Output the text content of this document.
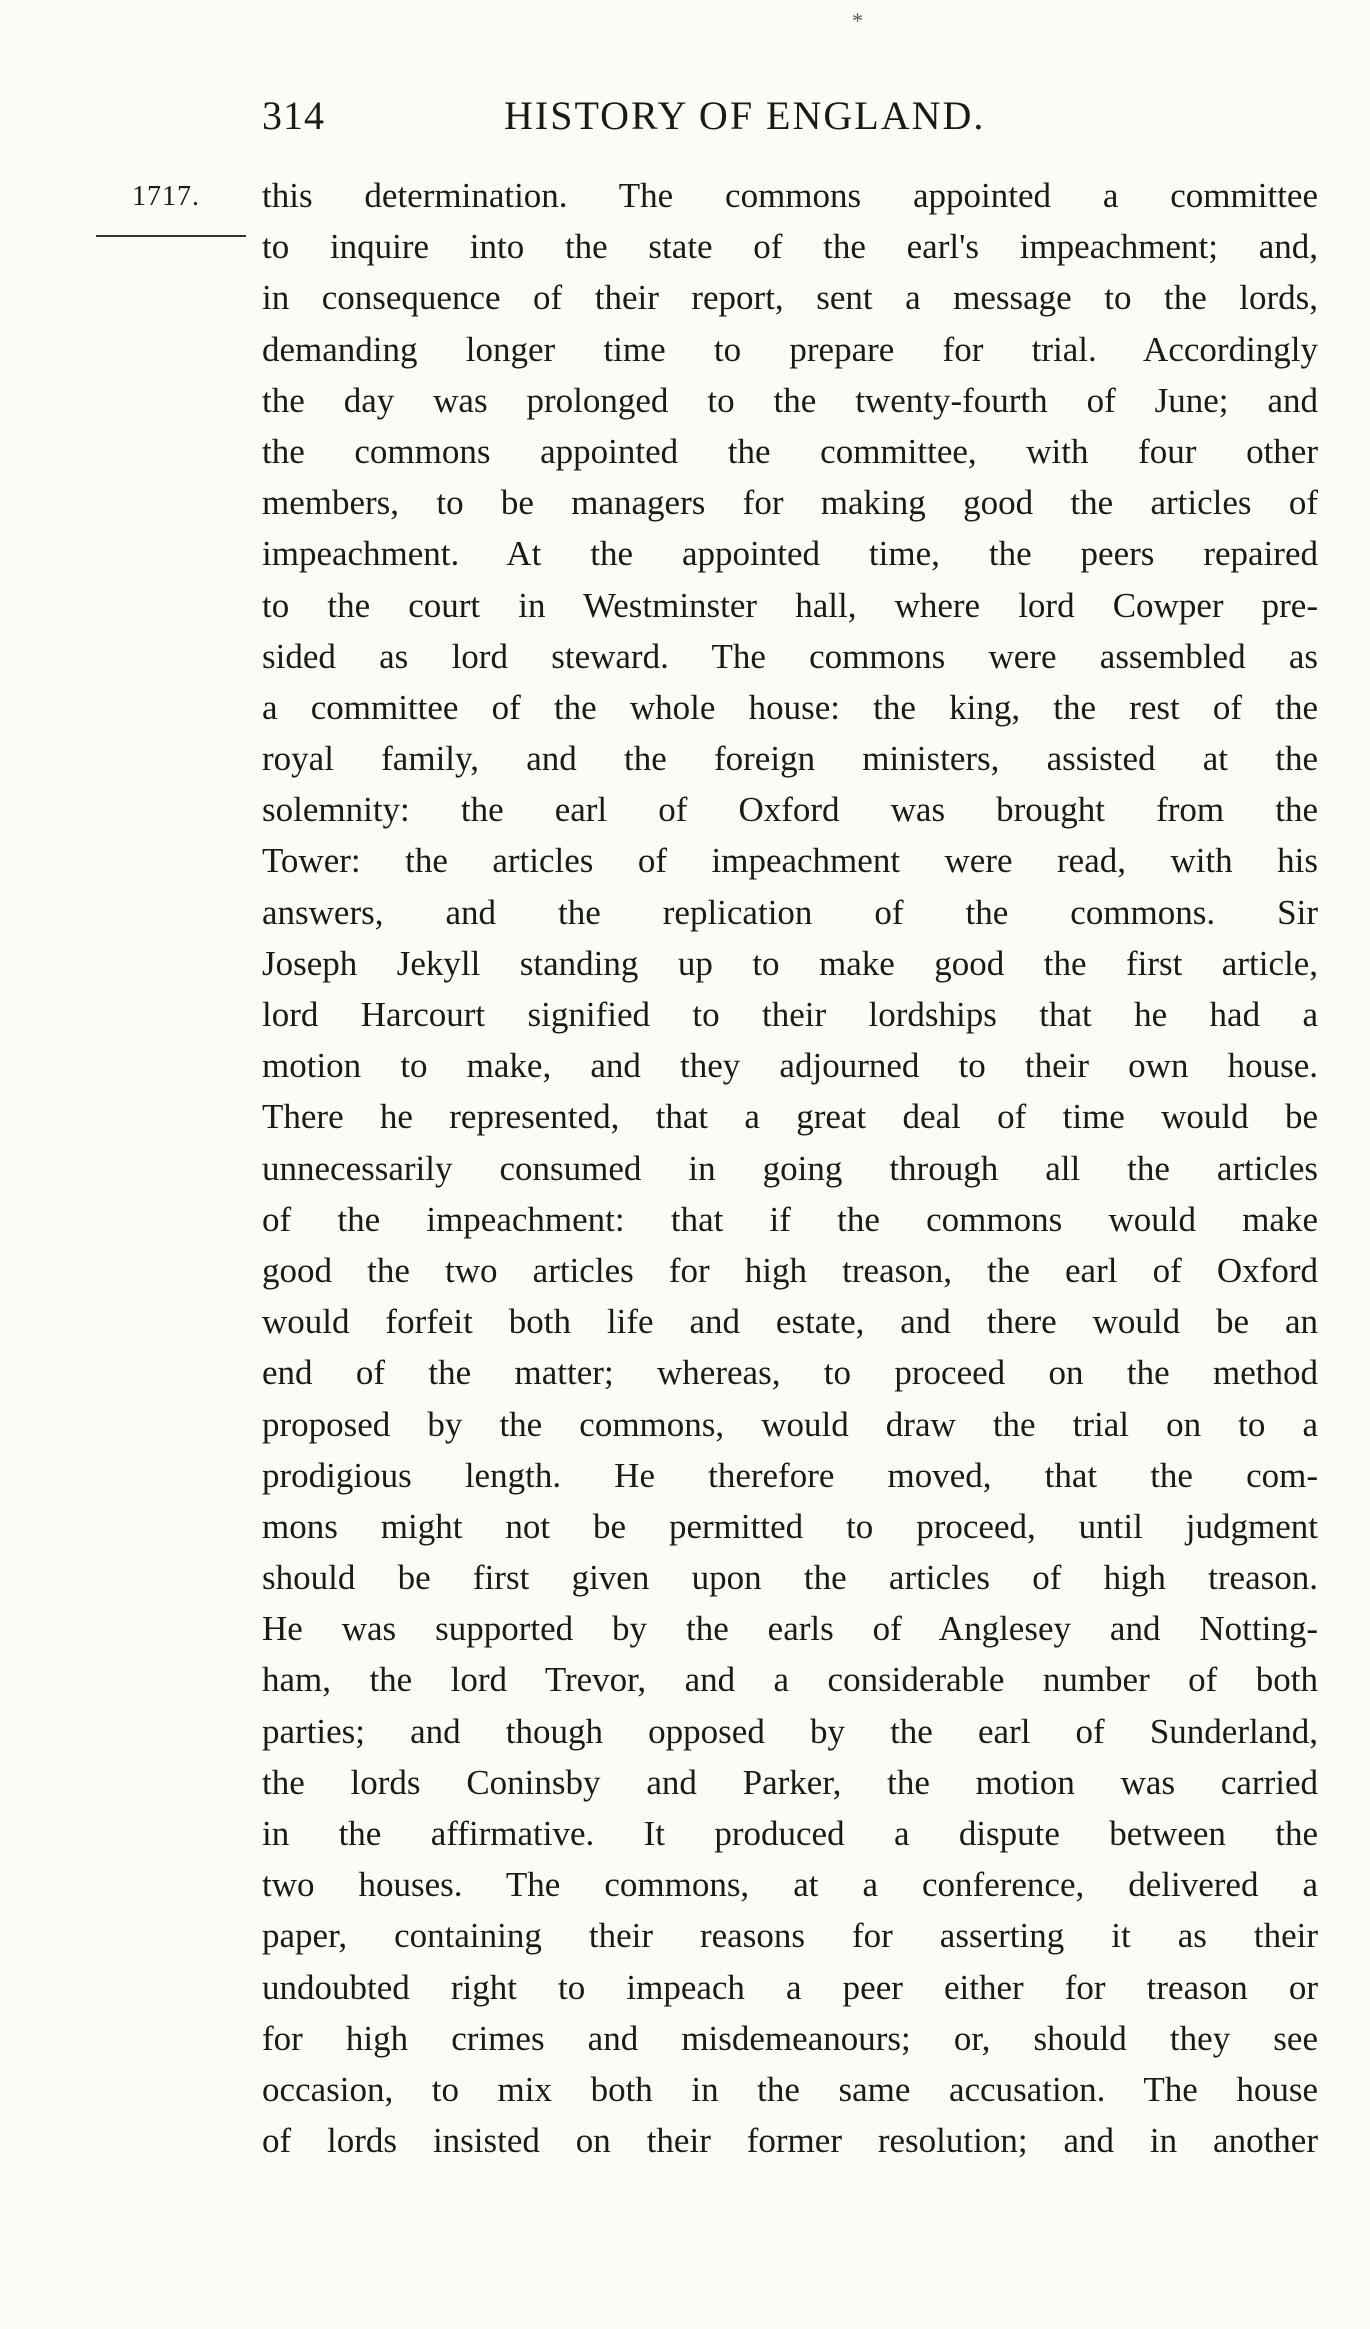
*
314	HISTORY OF ENGLAND.
1717. this determination. The commons appointed a committee
to inquire into the state of the earl's impeachment; and,
in consequence of their report, sent a message to the lords,
demanding longer time to prepare for trial. Accordingly
the day was prolonged to the twenty-fourth of June; and
the commons appointed the committee, with four other
members, to be managers for making good the articles of
impeachment. At the appointed time, the peers repaired
to the court in Westminster hall, where lord Cowper pre-
sided as lord steward. The commons were assembled as
a committee of the whole house: the king, the rest of the
royal family, and the foreign ministers, assisted at the
solemnity: the earl of Oxford was brought from the
Tower: the articles of impeachment were read, with his
answers, and the replication of the commons. Sir
Joseph Jekyll standing up to make good the first article,
lord Harcourt signified to their lordships that he had a
motion to make, and they adjourned to their own house.
There he represented, that a great deal of time would be
unnecessarily consumed in going through all the articles
of the impeachment: that if the commons would make
good the two articles for high treason, the earl of Oxford
would forfeit both life and estate, and there would be an
end of the matter; whereas, to proceed on the method
proposed by the commons, would draw the trial on to a
prodigious length. He therefore moved, that the com-
mons might not be permitted to proceed, until judgment
should be first given upon the articles of high treason.
He was supported by the earls of Anglesey and Notting-
ham, the lord Trevor, and a considerable number of both
parties; and though opposed by the earl of Sunderland,
the lords Coninsby and Parker, the motion was carried
in the affirmative. It produced a dispute between the
two houses. The commons, at a conference, delivered a
paper, containing their reasons for asserting it as their
undoubted right to impeach a peer either for treason or
for high crimes and misdemeanours; or, should they see
occasion, to mix both in the same accusation. The house
of lords insisted on their former resolution; and in another
